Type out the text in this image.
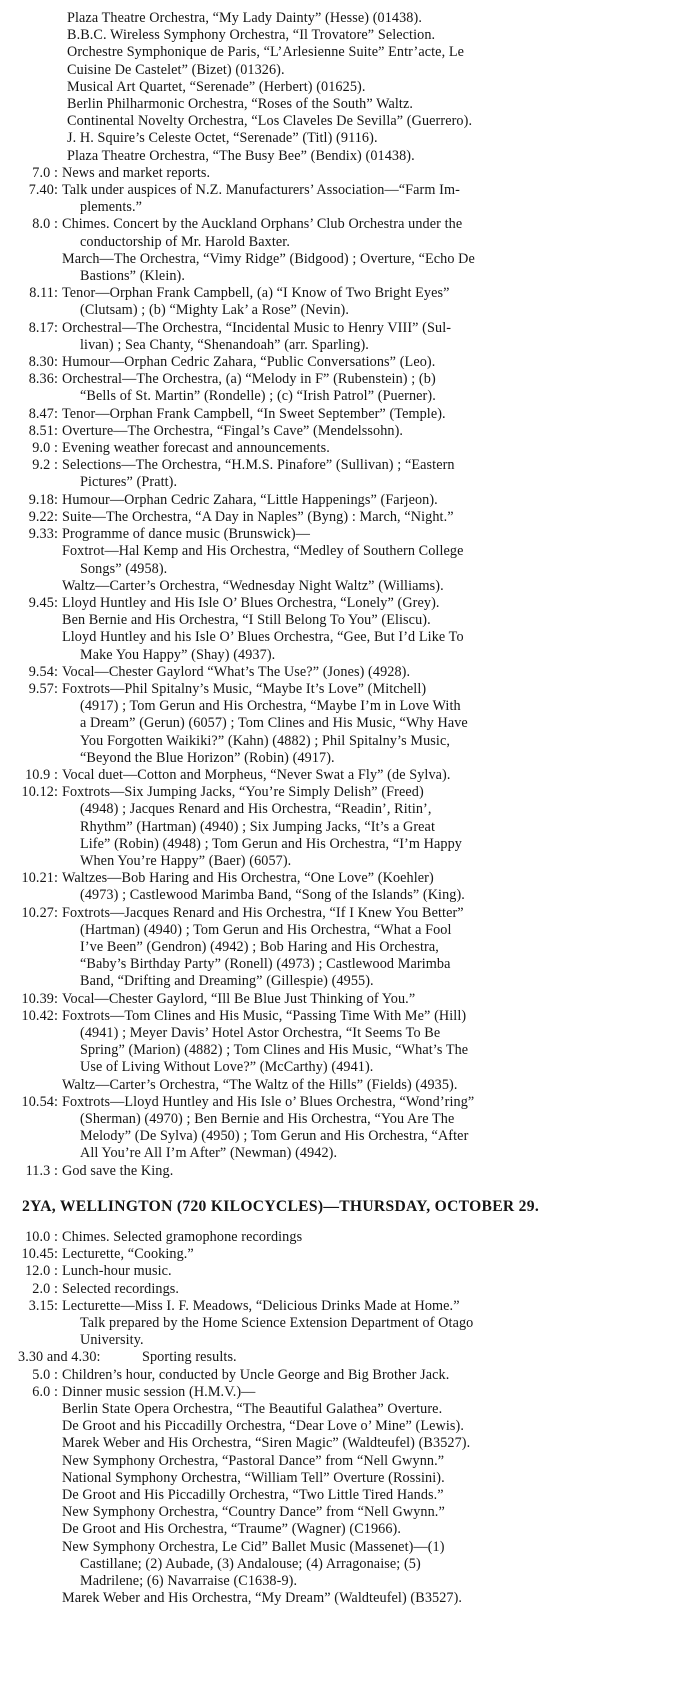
Plaza Theatre Orchestra, “My Lady Dainty” (Hesse) (01438).
B.B.C. Wireless Symphony Orchestra, “Il Trovatore” Selection.
Orchestre Symphonique de Paris, “L’Arlesienne Suite” Entr’acte, Le
Cuisine De Castelet” (Bizet) (01326).
Musical Art Quartet, “Serenade” (Herbert) (01625).
Berlin Philharmonic Orchestra, “Roses of the South” Waltz.
Continental Novelty Orchestra, “Los Claveles De Sevilla” (Guerrero).
J. H. Squire’s Celeste Octet, “Serenade” (Titl) (9116).
Plaza Theatre Orchestra, “The Busy Bee” (Bendix) (01438).
7.0 : News and market reports.
7.40: Talk under auspices of N.Z. Manufacturers’ Association—“Farm Im-
plements.”
8.0 : Chimes. Concert by the Auckland Orphans’ Club Orchestra under the
conductorship of Mr. Harold Baxter.
March—The Orchestra, “Vimy Ridge” (Bidgood) ; Overture, “Echo De
Bastions” (Klein).
8.11: Tenor—Orphan Frank Campbell, (a) “I Know of Two Bright Eyes”
(Clutsam) ; (b) “Mighty Lak’ a Rose” (Nevin).
8.17: Orchestral—The Orchestra, “Incidental Music to Henry VIII” (Sul-
livan) ; Sea Chanty, “Shenandoah” (arr. Sparling).
8.30: Humour—Orphan Cedric Zahara, “Public Conversations” (Leo).
8.36: Orchestral—The Orchestra, (a) “Melody in F” (Rubenstein) ; (b)
“Bells of St. Martin” (Rondelle) ; (c) “Irish Patrol” (Puerner).
8.47: Tenor—Orphan Frank Campbell, “In Sweet September” (Temple).
8.51: Overture—The Orchestra, “Fingal’s Cave” (Mendelssohn).
9.0 : Evening weather forecast and announcements.
9.2 : Selections—The Orchestra, “H.M.S. Pinafore” (Sullivan) ; “Eastern
Pictures” (Pratt).
9.18: Humour—Orphan Cedric Zahara, “Little Happenings” (Farjeon).
9.22: Suite—The Orchestra, “A Day in Naples” (Byng) : March, “Night.”
9.33: Programme of dance music (Brunswick)—
Foxtrot—Hal Kemp and His Orchestra, “Medley of Southern College
Songs” (4958).
Waltz—Carter’s Orchestra, “Wednesday Night Waltz” (Williams).
9.45: Lloyd Huntley and His Isle O’ Blues Orchestra, “Lonely” (Grey).
Ben Bernie and His Orchestra, “I Still Belong To You” (Eliscu).
Lloyd Huntley and his Isle O’ Blues Orchestra, “Gee, But I’d Like To
Make You Happy” (Shay) (4937).
9.54: Vocal—Chester Gaylord “What’s The Use?” (Jones) (4928).
9.57: Foxtrots—Phil Spitalny’s Music, “Maybe It’s Love” (Mitchell)
(4917) ; Tom Gerun and His Orchestra, “Maybe I’m in Love With
a Dream” (Gerun) (6057) ; Tom Clines and His Music, “Why Have
You Forgotten Waikiki?” (Kahn) (4882) ; Phil Spitalny’s Music,
“Beyond the Blue Horizon” (Robin) (4917).
10.9 : Vocal duet—Cotton and Morpheus, “Never Swat a Fly” (de Sylva).
10.12: Foxtrots—Six Jumping Jacks, “You’re Simply Delish” (Freed)
(4948) ; Jacques Renard and His Orchestra, “Readin’, Ritin’,
Rhythm” (Hartman) (4940) ; Six Jumping Jacks, “It’s a Great
Life” (Robin) (4948) ; Tom Gerun and His Orchestra, “I’m Happy
When You’re Happy” (Baer) (6057).
10.21: Waltzes—Bob Haring and His Orchestra, “One Love” (Koehler)
(4973) ; Castlewood Marimba Band, “Song of the Islands” (King).
10.27: Foxtrots—Jacques Renard and His Orchestra, “If I Knew You Better”
(Hartman) (4940) ; Tom Gerun and His Orchestra, “What a Fool
I’ve Been” (Gendron) (4942) ; Bob Haring and His Orchestra,
“Baby’s Birthday Party” (Ronell) (4973) ; Castlewood Marimba
Band, “Drifting and Dreaming” (Gillespie) (4955).
10.39: Vocal—Chester Gaylord, “Ill Be Blue Just Thinking of You.”
10.42: Foxtrots—Tom Clines and His Music, “Passing Time With Me” (Hill)
(4941) ; Meyer Davis’ Hotel Astor Orchestra, “It Seems To Be
Spring” (Marion) (4882) ; Tom Clines and His Music, “What’s The
Use of Living Without Love?” (McCarthy) (4941).
Waltz—Carter’s Orchestra, “The Waltz of the Hills” (Fields) (4935).
10.54: Foxtrots—Lloyd Huntley and His Isle o’ Blues Orchestra, “Wond’ring”
(Sherman) (4970) ; Ben Bernie and His Orchestra, “You Are The
Melody” (De Sylva) (4950) ; Tom Gerun and His Orchestra, “After
All You’re All I’m After” (Newman) (4942).
11.3 : God save the King.
2YA, WELLINGTON (720 KILOCYCLES)—THURSDAY, OCTOBER 29.
10.0 : Chimes. Selected gramophone recordings
10.45: Lecturette, “Cooking.”
12.0 : Lunch-hour music.
2.0 : Selected recordings.
3.15: Lecturette—Miss I. F. Meadows, “Delicious Drinks Made at Home.”
Talk prepared by the Home Science Extension Department of Otago
University.
3.30 and 4.30:	Sporting results.
5.0 : Children’s hour, conducted by Uncle George and Big Brother Jack.
6.0 : Dinner music session (H.M.V.)—
Berlin State Opera Orchestra, “The Beautiful Galathea” Overture.
De Groot and his Piccadilly Orchestra, “Dear Love o’ Mine” (Lewis).
Marek Weber and His Orchestra, “Siren Magic” (Waldteufel) (B3527).
New Symphony Orchestra, “Pastoral Dance” from “Nell Gwynn.”
National Symphony Orchestra, “William Tell” Overture (Rossini).
De Groot and His Piccadilly Orchestra, “Two Little Tired Hands.”
New Symphony Orchestra, “Country Dance” from “Nell Gwynn.”
De Groot and His Orchestra, “Traume” (Wagner) (C1966).
New Symphony Orchestra, Le Cid” Ballet Music (Massenet)—(1)
Castillane; (2) Aubade, (3) Andalouse; (4) Arragonaise; (5)
Madrilene; (6) Navarraise (C1638-9).
Marek Weber and His Orchestra, “My Dream” (Waldteufel) (B3527).
